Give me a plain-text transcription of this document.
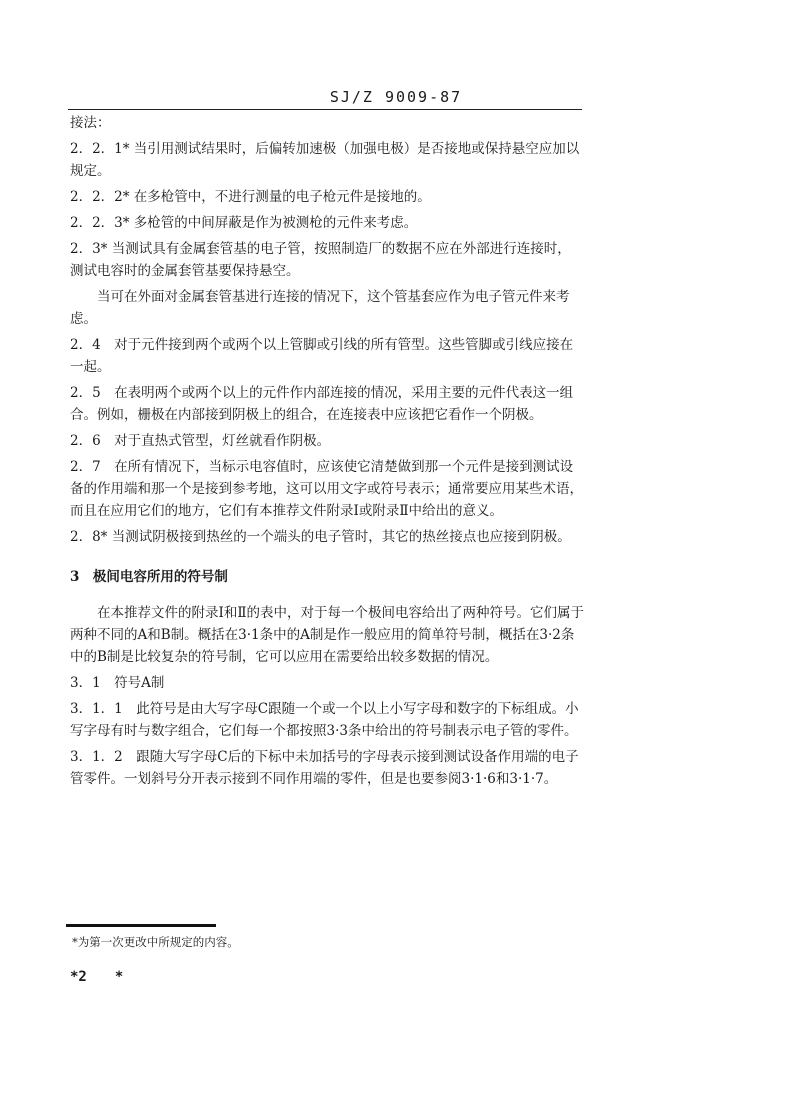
SJ/Z 9009-87

接法：

2．2．1* 当引用测试结果时，后偏转加速极（加强电极）是否接地或保持悬空应加以规定。

2．2．2* 在多枪管中，不进行测量的电子枪元件是接地的。

2．2．3* 多枪管的中间屏蔽是作为被测枪的元件来考虑。

2．3* 当测试具有金属套管基的电子管，按照制造厂的数据不应在外部进行连接时，测试电容时的金属套管基要保持悬空。

当可在外面对金属套管基进行连接的情况下，这个管基套应作为电子管元件来考虑。

2．4　对于元件接到两个或两个以上管脚或引线的所有管型。这些管脚或引线应接在一起。

2．5　在表明两个或两个以上的元件作内部连接的情况，采用主要的元件代表这一组合。例如，栅极在内部接到阴极上的组合，在连接表中应该把它看作一个阴极。

2．6　对于直热式管型，灯丝就看作阴极。

2．7　在所有情况下，当标示电容值时，应该使它清楚做到那一个元件是接到测试设备的作用端和那一个是接到参考地，这可以用文字或符号表示；通常要应用某些术语，而且在应用它们的地方，它们有本推荐文件附录Ⅰ或附录Ⅱ中给出的意义。

2．8* 当测试阴极接到热丝的一个端头的电子管时，其它的热丝接点也应接到阴极。

3　极间电容所用的符号制

在本推荐文件的附录Ⅰ和Ⅱ的表中，对于每一个极间电容给出了两种符号。它们属于两种不同的A和B制。概括在3·1条中的A制是作一般应用的简单符号制，概括在3·2条中的B制是比较复杂的符号制，它可以应用在需要给出较多数据的情况。

3．1　符号A制

3．1．1　此符号是由大写字母C跟随一个或一个以上小写字母和数字的下标组成。小写字母有时与数字组合，它们每一个都按照3·3条中给出的符号制表示电子管的零件。

3．1．2　跟随大写字母C后的下标中未加括号的字母表示接到测试设备作用端的电子管零件。一划斜号分开表示接到不同作用端的零件，但是也要参阅3·1·6和3·1·7。

*为第一次更改中所规定的内容。
*2　　*
